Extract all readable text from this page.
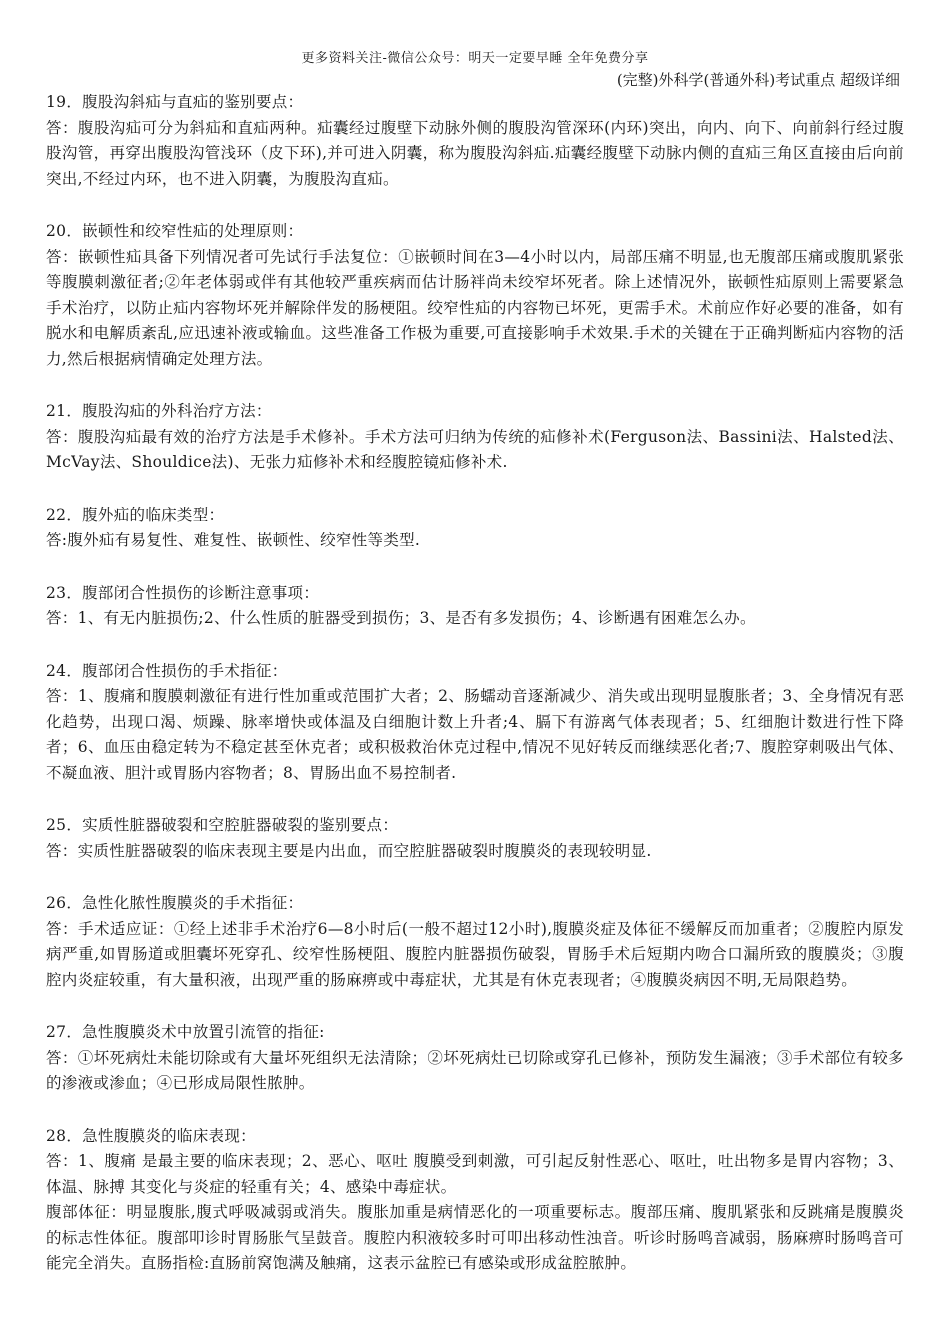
更多资料关注-微信公众号：明天一定要早睡 全年免费分享
(完整)外科学(普通外科)考试重点 超级详细

19．腹股沟斜疝与直疝的鉴别要点：

答：腹股沟疝可分为斜疝和直疝两种。疝囊经过腹壁下动脉外侧的腹股沟管深环(内环)突出，向内、向下、向前斜行经过腹股沟管，再穿出腹股沟管浅环（皮下环),并可进入阴囊，称为腹股沟斜疝.疝囊经腹壁下动脉内侧的直疝三角区直接由后向前突出,不经过内环，也不进入阴囊，为腹股沟直疝。

20．嵌顿性和绞窄性疝的处理原则：

答：嵌顿性疝具备下列情况者可先试行手法复位：①嵌顿时间在3—4小时以内，局部压痛不明显,也无腹部压痛或腹肌紧张等腹膜刺激征者;②年老体弱或伴有其他较严重疾病而估计肠袢尚未绞窄坏死者。除上述情况外，嵌顿性疝原则上需要紧急手术治疗，以防止疝内容物坏死并解除伴发的肠梗阻。绞窄性疝的内容物已坏死，更需手术。术前应作好必要的准备，如有脱水和电解质紊乱,应迅速补液或输血。这些准备工作极为重要,可直接影响手术效果.手术的关键在于正确判断疝内容物的活力,然后根据病情确定处理方法。

21．腹股沟疝的外科治疗方法：

答：腹股沟疝最有效的治疗方法是手术修补。手术方法可归纳为传统的疝修补术(Ferguson法、Bassini法、Halsted法、McVay法、Shouldice法)、无张力疝修补术和经腹腔镜疝修补术.

22．腹外疝的临床类型：

答:腹外疝有易复性、难复性、嵌顿性、绞窄性等类型.

23．腹部闭合性损伤的诊断注意事项：

答：1、有无内脏损伤;2、什么性质的脏器受到损伤；3、是否有多发损伤；4、诊断遇有困难怎么办。

24．腹部闭合性损伤的手术指征：

答：1、腹痛和腹膜刺激征有进行性加重或范围扩大者；2、肠蠕动音逐渐减少、消失或出现明显腹胀者；3、全身情况有恶化趋势，出现口渴、烦躁、脉率增快或体温及白细胞计数上升者;4、膈下有游离气体表现者；5、红细胞计数进行性下降者；6、血压由稳定转为不稳定甚至休克者；或积极救治休克过程中,情况不见好转反而继续恶化者;7、腹腔穿刺吸出气体、不凝血液、胆汁或胃肠内容物者；8、胃肠出血不易控制者.

25．实质性脏器破裂和空腔脏器破裂的鉴别要点：

答：实质性脏器破裂的临床表现主要是内出血，而空腔脏器破裂时腹膜炎的表现较明显.

26．急性化脓性腹膜炎的手术指征：

答：手术适应证：①经上述非手术治疗6—8小时后(一般不超过12小时),腹膜炎症及体征不缓解反而加重者；②腹腔内原发病严重,如胃肠道或胆囊坏死穿孔、绞窄性肠梗阻、腹腔内脏器损伤破裂，胃肠手术后短期内吻合口漏所致的腹膜炎；③腹腔内炎症较重，有大量积液，出现严重的肠麻痹或中毒症状，尤其是有休克表现者；④腹膜炎病因不明,无局限趋势。

27．急性腹膜炎术中放置引流管的指征:

答：①坏死病灶未能切除或有大量坏死组织无法清除；②坏死病灶已切除或穿孔已修补，预防发生漏液；③手术部位有较多的渗液或渗血；④已形成局限性脓肿。

28．急性腹膜炎的临床表现：

答：1、腹痛 是最主要的临床表现；2、恶心、呕吐 腹膜受到刺激，可引起反射性恶心、呕吐，吐出物多是胃内容物；3、体温、脉搏 其变化与炎症的轻重有关；4、感染中毒症状。

腹部体征：明显腹胀,腹式呼吸减弱或消失。腹胀加重是病情恶化的一项重要标志。腹部压痛、腹肌紧张和反跳痛是腹膜炎的标志性体征。腹部叩诊时胃肠胀气呈鼓音。腹腔内积液较多时可叩出移动性浊音。听诊时肠鸣音减弱，肠麻痹时肠鸣音可能完全消失。直肠指检:直肠前窝饱满及触痛，这表示盆腔已有感染或形成盆腔脓肿。
